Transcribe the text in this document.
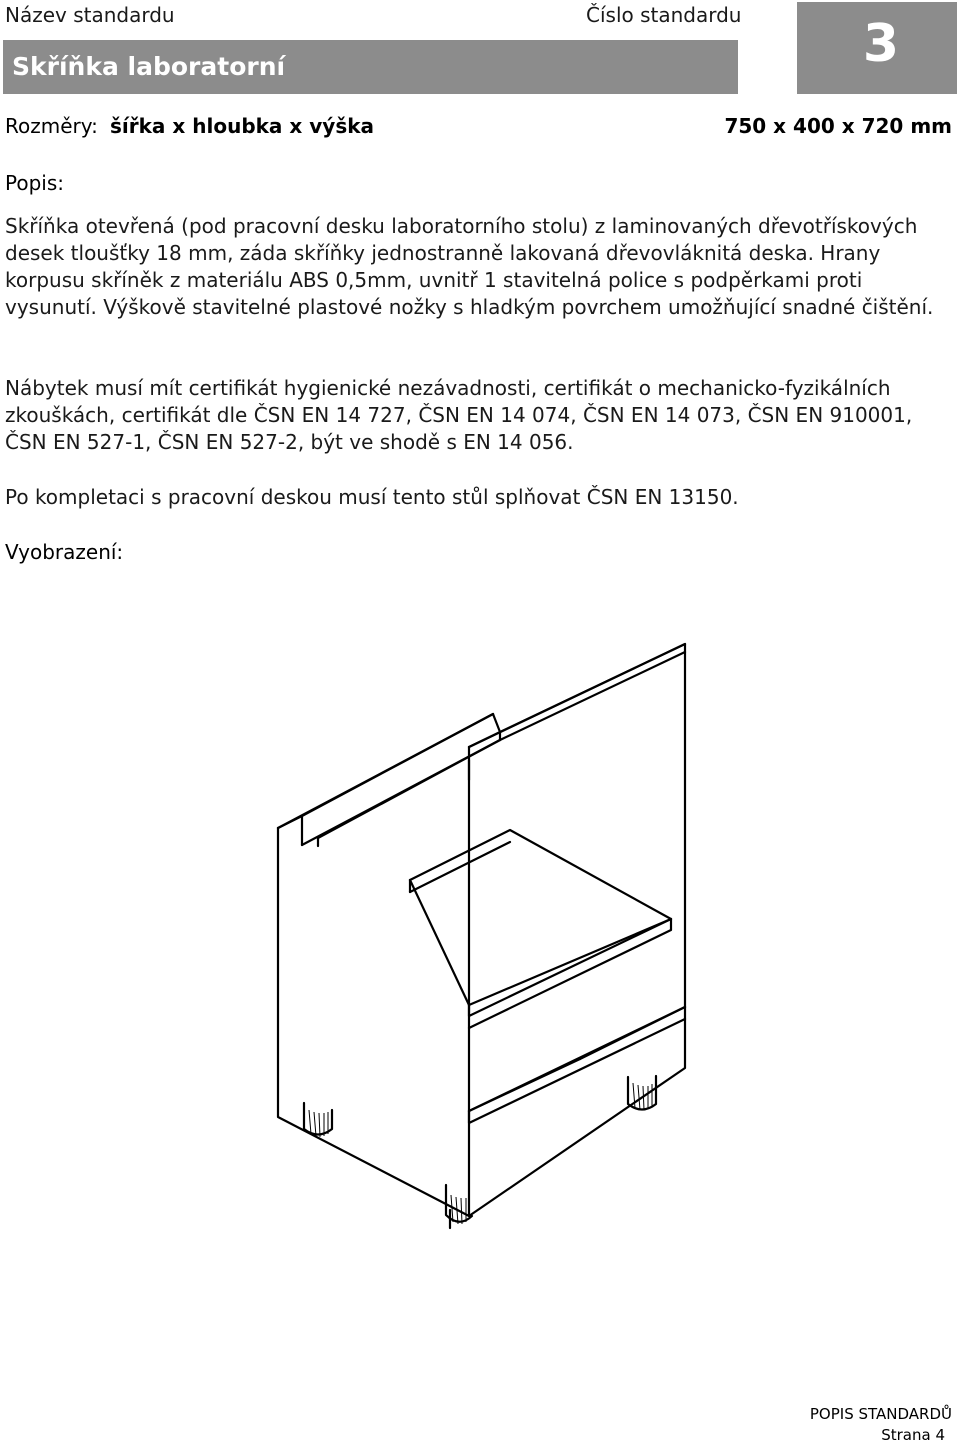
Název standardu	Číslo standardu
Skříňka laboratorní	3
Rozměry: šířka x hloubka x výška	750 x 400 x 720 mm
Popis:
Skříňka otevřená (pod pracovní desku laboratorního stolu) z laminovaných dřevotřískových desek tloušťky 18 mm, záda skříňky jednostranně lakovaná dřevovláknitá deska. Hrany korpusu skříněk z materiálu ABS 0,5mm, uvnitř 1 stavitelná police s podpěrkami proti vysunutí. Výškově stavitelné plastové nožky s hladkým povrchem umožňující snadné čištění.
Nábytek musí mít certifikát hygienické nezávadnosti, certifikát o mechanicko-fyzikálních zkouškách, certifikát dle ČSN EN 14 727, ČSN EN 14 074, ČSN EN 14 073, ČSN EN 910001, ČSN EN 527-1, ČSN EN 527-2, být ve shodě s EN 14 056.
Po kompletaci s pracovní deskou musí tento stůl splňovat ČSN EN 13150.
Vyobrazení:
POPIS STANDARDŮ
Strana 4
